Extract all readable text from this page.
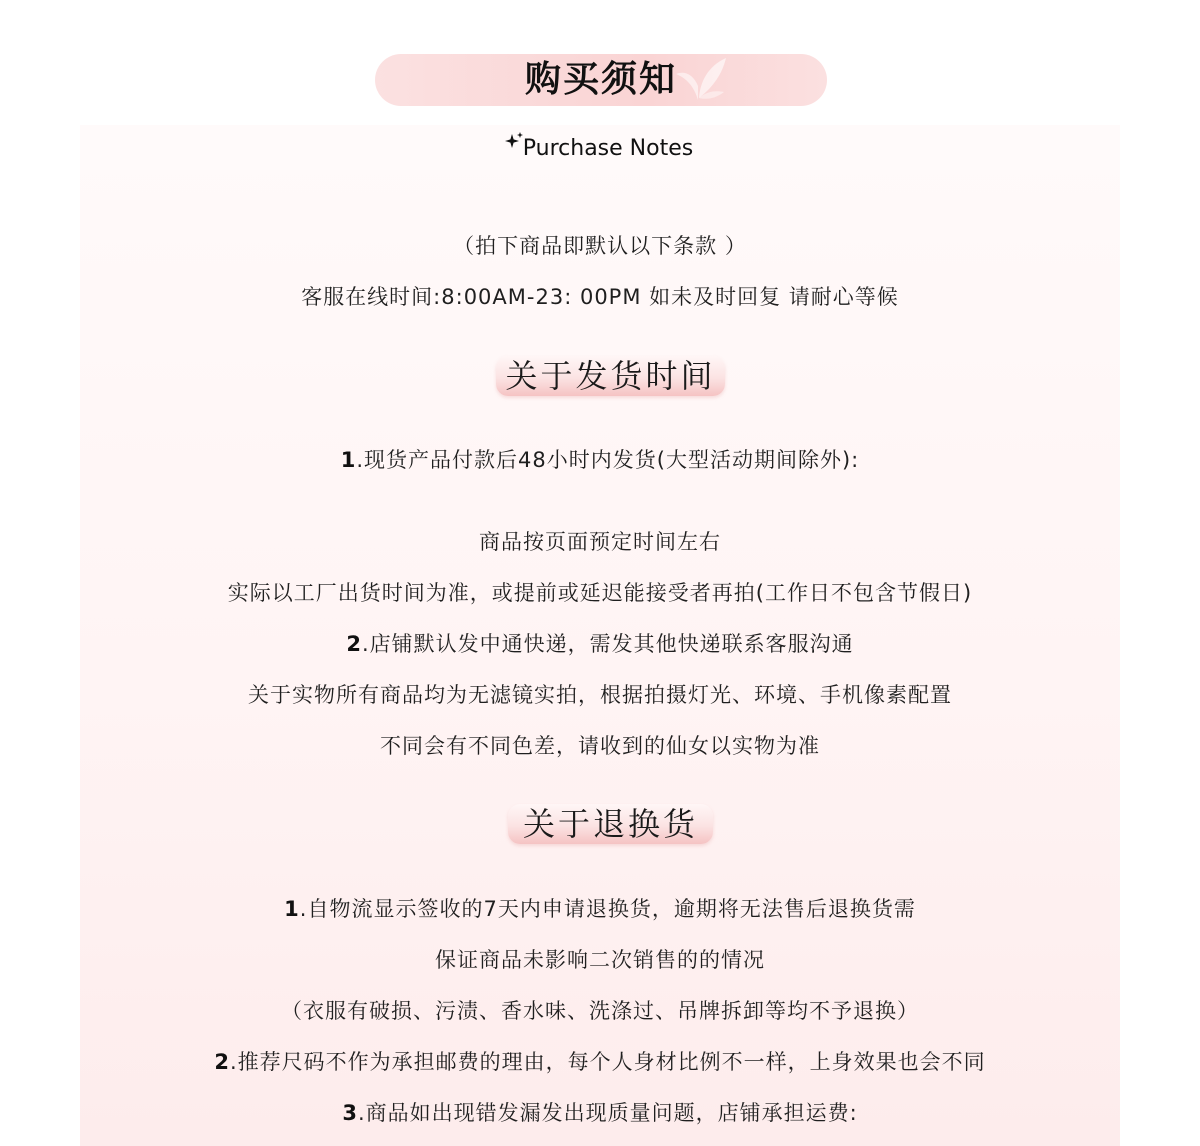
购买须知
Purchase Notes
（拍下商品即默认以下条款 ）
客服在线时间:8:00AM-23: 00PM 如未及时回复 请耐心等候
关于发货时间
1.现货产品付款后48小时内发货(大型活动期间除外):
商品按页面预定时间左右
实际以工厂出货时间为准，或提前或延迟能接受者再拍(工作日不包含节假日)
2.店铺默认发中通快递，需发其他快递联系客服沟通
关于实物所有商品均为无滤镜实拍，根据拍摄灯光、环境、手机像素配置
不同会有不同色差，请收到的仙女以实物为准
关于退换货
1.自物流显示签收的7天内申请退换货，逾期将无法售后退换货需
保证商品未影响二次销售的的情况
（衣服有破损、污渍、香水味、洗涤过、吊牌拆卸等均不予退换）
2.推荐尺码不作为承担邮费的理由，每个人身材比例不一样，上身效果也会不同
3.商品如出现错发漏发出现质量问题，店铺承担运费:
